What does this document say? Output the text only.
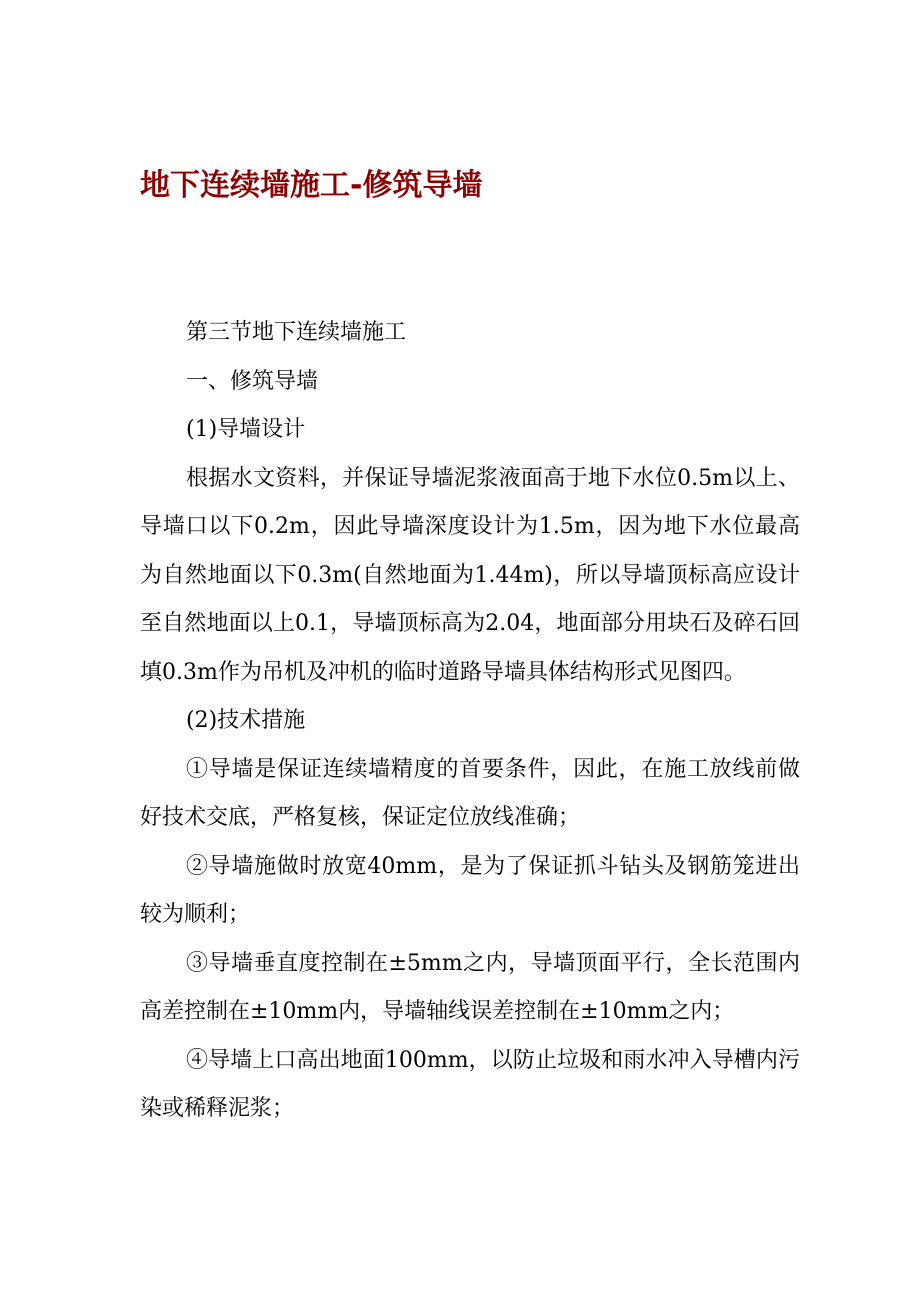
地下连续墙施工-修筑导墙

第三节地下连续墙施工

一、修筑导墙

(1)导墙设计

根据水文资料，并保证导墙泥浆液面高于地下水位0.5m以上、导墙口以下0.2m，因此导墙深度设计为1.5m，因为地下水位最高为自然地面以下0.3m(自然地面为1.44m)，所以导墙顶标高应设计至自然地面以上0.1，导墙顶标高为2.04，地面部分用块石及碎石回填0.3m作为吊机及冲机的临时道路导墙具体结构形式见图四。

(2)技术措施

①导墙是保证连续墙精度的首要条件，因此，在施工放线前做好技术交底，严格复核，保证定位放线准确；

②导墙施做时放宽40mm，是为了保证抓斗钻头及钢筋笼进出较为顺利；

③导墙垂直度控制在±5mm之内，导墙顶面平行，全长范围内高差控制在±10mm内，导墙轴线误差控制在±10mm之内；

④导墙上口高出地面100mm，以防止垃圾和雨水冲入导槽内污染或稀释泥浆；
